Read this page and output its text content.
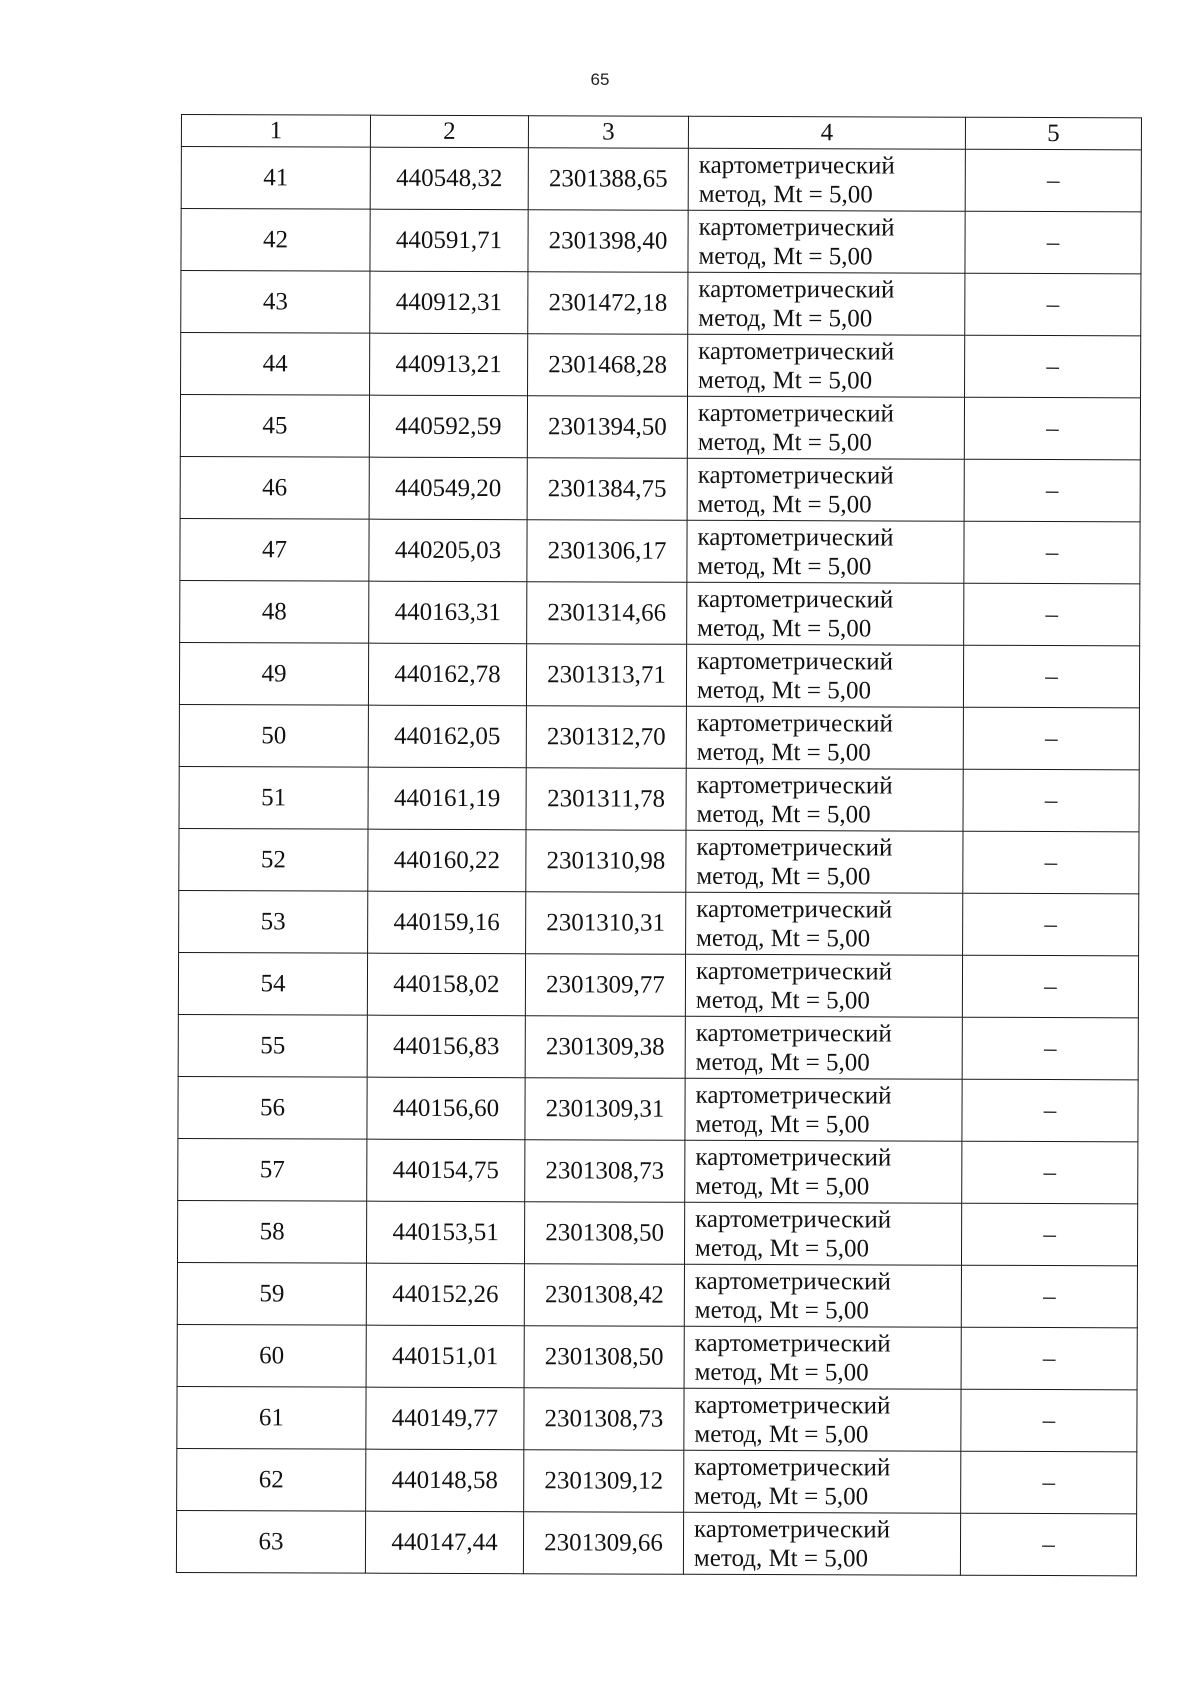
65
1	2	3	4	5
41	440548,32	2301388,65	картометрический
метод, Mt = 5,00	–
42	440591,71	2301398,40	картометрический
метод, Mt = 5,00	–
43	440912,31	2301472,18	картометрический
метод, Mt = 5,00	–
44	440913,21	2301468,28	картометрический
метод, Mt = 5,00	–
45	440592,59	2301394,50	картометрический
метод, Mt = 5,00	–
46	440549,20	2301384,75	картометрический
метод, Mt = 5,00	–
47	440205,03	2301306,17	картометрический
метод, Mt = 5,00	–
48	440163,31	2301314,66	картометрический
метод, Mt = 5,00	–
49	440162,78	2301313,71	картометрический
метод, Mt = 5,00	–
50	440162,05	2301312,70	картометрический
метод, Mt = 5,00	–
51	440161,19	2301311,78	картометрический
метод, Mt = 5,00	–
52	440160,22	2301310,98	картометрический
метод, Mt = 5,00	–
53	440159,16	2301310,31	картометрический
метод, Mt = 5,00	–
54	440158,02	2301309,77	картометрический
метод, Mt = 5,00	–
55	440156,83	2301309,38	картометрический
метод, Mt = 5,00	–
56	440156,60	2301309,31	картометрический
метод, Mt = 5,00	–
57	440154,75	2301308,73	картометрический
метод, Mt = 5,00	–
58	440153,51	2301308,50	картометрический
метод, Mt = 5,00	–
59	440152,26	2301308,42	картометрический
метод, Mt = 5,00	–
60	440151,01	2301308,50	картометрический
метод, Mt = 5,00	–
61	440149,77	2301308,73	картометрический
метод, Mt = 5,00	–
62	440148,58	2301309,12	картометрический
метод, Mt = 5,00	–
63	440147,44	2301309,66	картометрический
метод, Mt = 5,00	–
